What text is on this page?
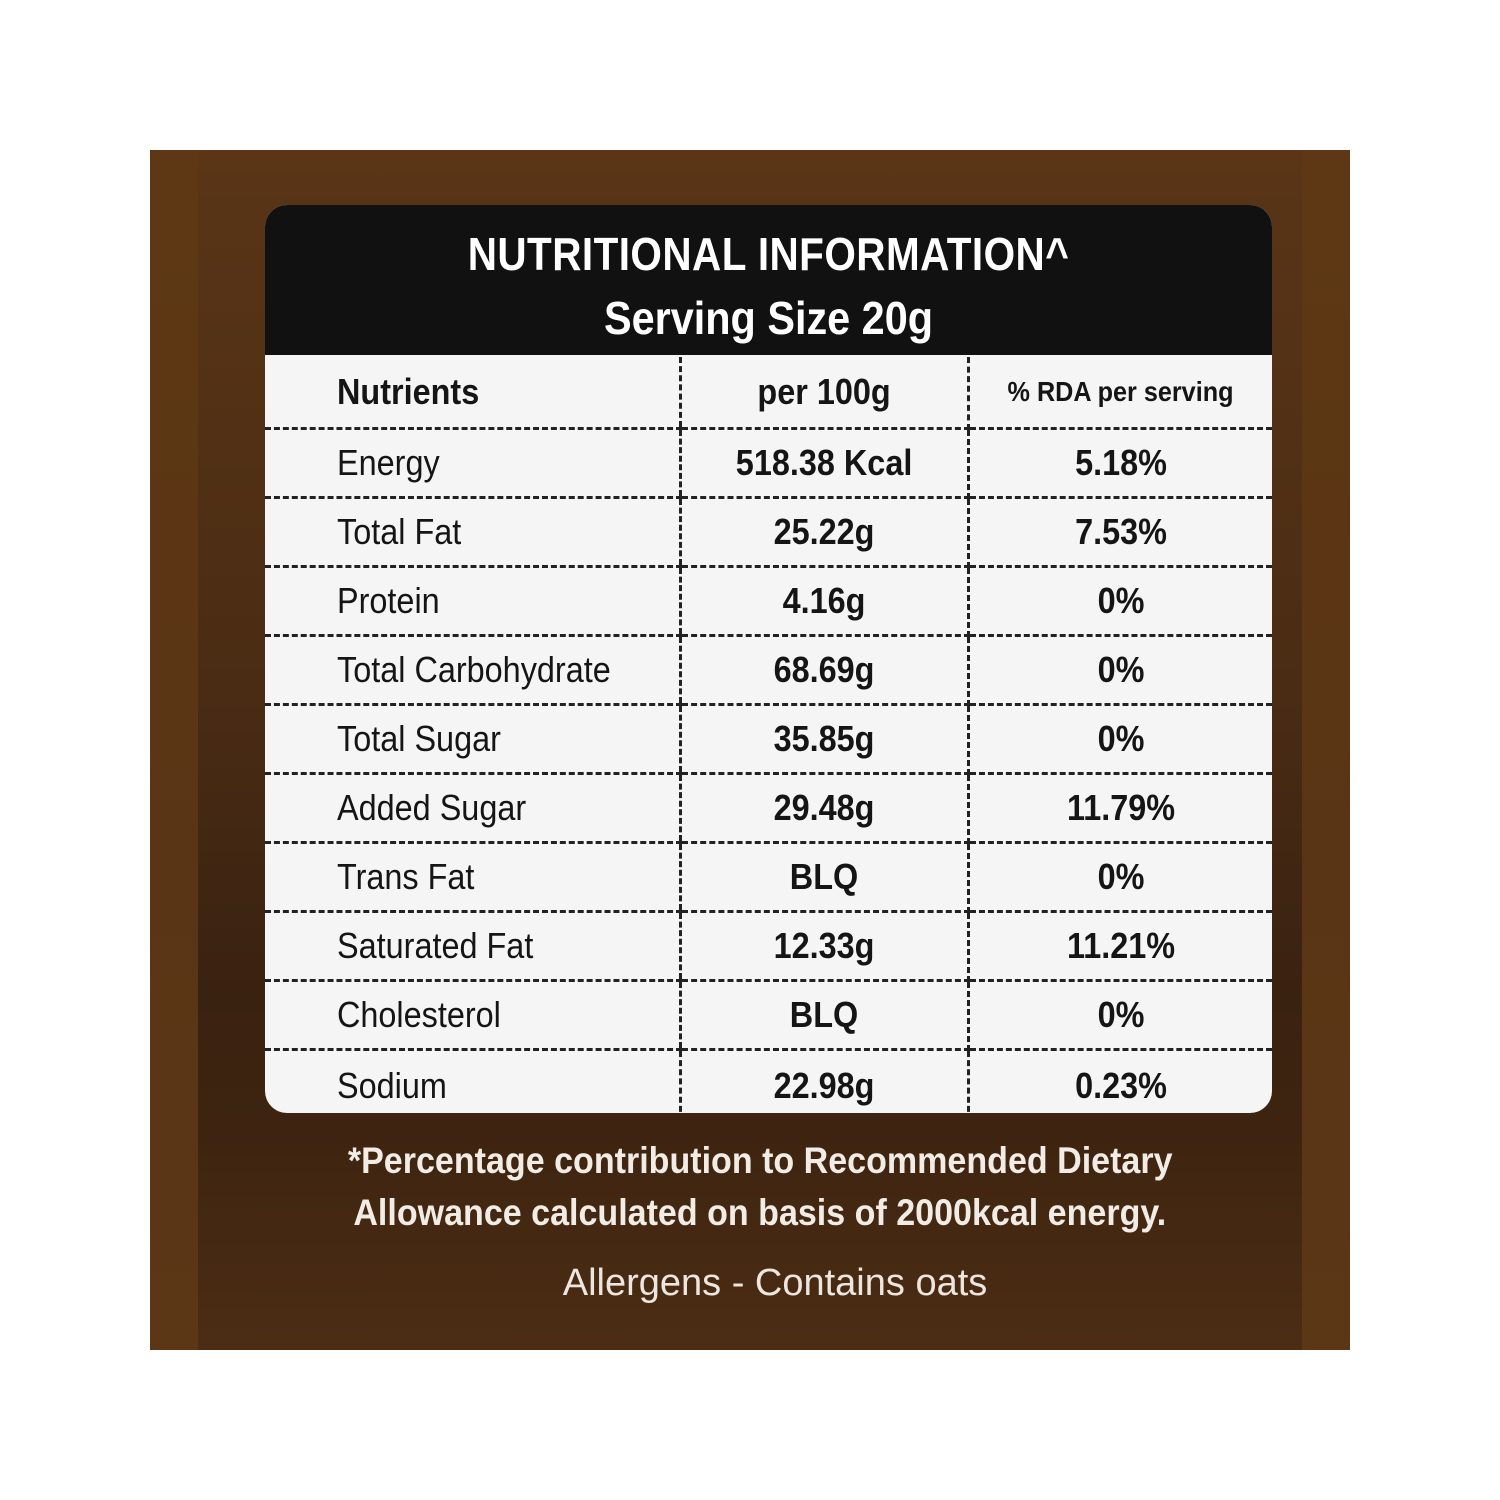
NUTRITIONAL INFORMATION^
Serving Size 20g
Nutrients	per 100g	% RDA per serving
Energy	518.38 Kcal	5.18%
Total Fat	25.22g	7.53%
Protein	4.16g	0%
Total Carbohydrate	68.69g	0%
Total Sugar	35.85g	0%
Added Sugar	29.48g	11.79%
Trans Fat	BLQ	0%
Saturated Fat	12.33g	11.21%
Cholesterol	BLQ	0%
Sodium	22.98g	0.23%
*Percentage contribution to Recommended Dietary
Allowance calculated on basis of 2000kcal energy.
Allergens - Contains oats
